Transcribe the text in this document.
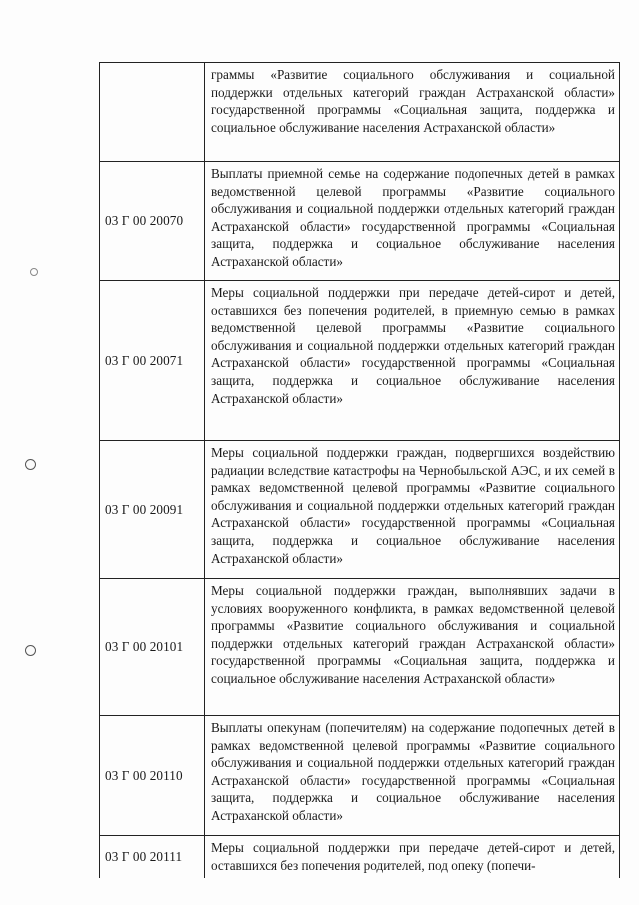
граммы «Развитие социального обслуживания и социальной поддержки отдельных категорий граждан Астраханской области» государственной программы «Социальная защита, поддержка и социальное обслуживание населения Астраханской области»
03 Г 00 20070
Выплаты приемной семье на содержание подопечных детей в рамках ведомственной целевой программы «Развитие социального обслуживания и социальной поддержки отдельных категорий граждан Астраханской области» государственной программы «Социальная защита, поддержка и социальное обслуживание населения Астраханской области»
03 Г 00 20071
Меры социальной поддержки при передаче детей-сирот и детей, оставшихся без попечения родителей, в приемную семью в рамках ведомственной целевой программы «Развитие социального обслуживания и социальной поддержки отдельных категорий граждан Астраханской области» государственной программы «Социальная защита, поддержка и социальное обслуживание населения Астраханской области»
03 Г 00 20091
Меры социальной поддержки граждан, подвергшихся воздействию радиации вследствие катастрофы на Чернобыльской АЭС, и их семей в рамках ведомственной целевой программы «Развитие социального обслуживания и социальной поддержки отдельных категорий граждан Астраханской области» государственной программы «Социальная защита, поддержка и социальное обслуживание населения Астраханской области»
03 Г 00 20101
Меры социальной поддержки граждан, выполнявших задачи в условиях вооруженного конфликта, в рамках ведомственной целевой программы «Развитие социального обслуживания и социальной поддержки отдельных категорий граждан Астраханской области» государственной программы «Социальная защита, поддержка и социальное обслуживание населения Астраханской области»
03 Г 00 20110
Выплаты опекунам (попечителям) на содержание подопечных детей в рамках ведомственной целевой программы «Развитие социального обслуживания и социальной поддержки отдельных категорий граждан Астраханской области» государственной программы «Социальная защита, поддержка и социальное обслуживание населения Астраханской области»
03 Г 00 20111
Меры социальной поддержки при передаче детей-сирот и детей, оставшихся без попечения родителей, под опеку (попечи-
